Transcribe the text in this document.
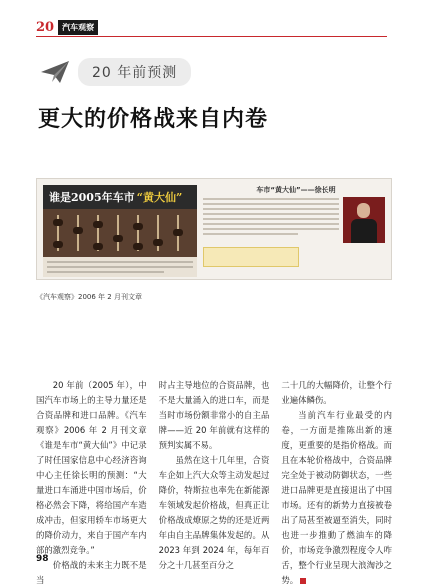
20	汽车观察
20 年前预测
更大的价格战来自内卷
谁是2005年车市 “黄大仙”
车市“黄大仙”——徐长明
《汽车观察》2006 年 2 月刊文章

20 年前（2005 年），中国汽车市场上的主导力量还是合资品牌和进口品牌。《汽车观察》2006 年 2 月刊文章《谁是车市“黄大仙”》中记录了时任国家信息中心经济咨询中心主任徐长明的预测：“大量进口车涌进中国市场后，价格必然会下降，将给国产车造成冲击，但家用轿车市场更大的降价动力，来自于国产车内部的激烈竞争。”

价格战的未来主力既不是当

时占主导地位的合资品牌，也不是大量涌入的进口车，而是当时市场份额非常小的自主品牌——近 20 年前就有这样的预判实属不易。

虽然在这十几年里，合资车企如上汽大众等主动发起过降价，特斯拉也率先在新能源车领域发起价格战，但真正让价格战成燎原之势的还是近两年由自主品牌集体发起的。从 2023 年到 2024 年，每年百分之十几甚至百分之

二十几的大幅降价，让整个行业遍体鳞伤。

当前汽车行业最受的内卷，一方面是推陈出新的速度，更重要的是指价格战。而且在本轮价格战中，合资品牌完全处于被动防御状态，一些进口品牌更是直接退出了中国市场。还有的新势力直接被卷出了局甚至被逼至消失，同时也进一步推動了燃油车的降价，市场竞争激烈程度令人咋舌，整个行业呈现大浪淘沙之势。

98
